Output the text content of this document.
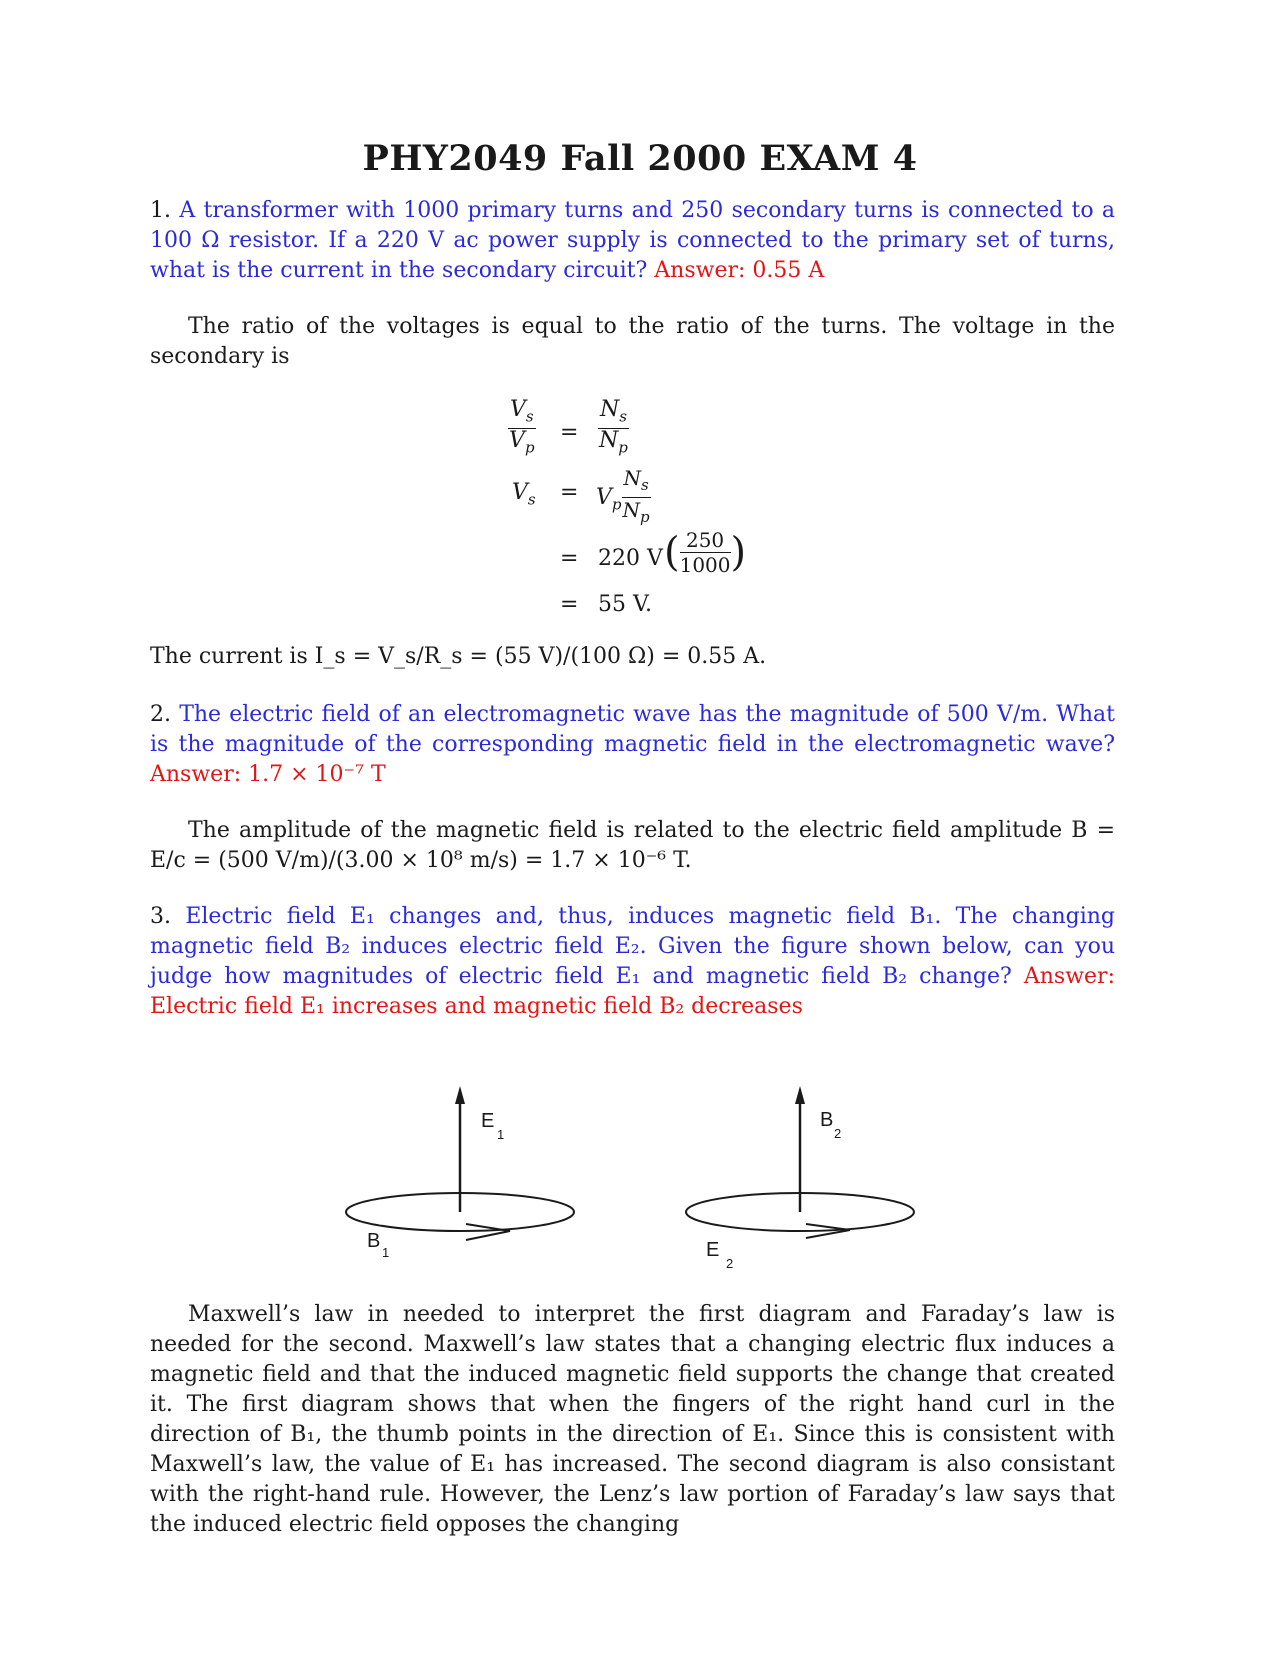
PHY2049 Fall 2000 EXAM 4
1. A transformer with 1000 primary turns and 250 secondary turns is connected to a 100 Ω resistor. If a 220 V ac power supply is connected to the primary set of turns, what is the current in the secondary circuit? Answer: 0.55 A
The ratio of the voltages is equal to the ratio of the turns. The voltage in the secondary is
$\frac{V_s}{V_p} = \frac{N_s}{N_p}$
$V_s = V_p \frac{N_s}{N_p}$
= 220 V ( $\frac{250}{1000}$ )
= 55 V.
The current is I_s = V_s/R_s = (55 V)/(100 Ω) = 0.55 A.
2. The electric field of an electromagnetic wave has the magnitude of 500 V/m. What is the magnitude of the corresponding magnetic field in the electromagnetic wave? Answer: 1.7 × 10⁻⁷ T
The amplitude of the magnetic field is related to the electric field amplitude B = E/c = (500 V/m)/(3.00 × 10⁸ m/s) = 1.7 × 10⁻⁶ T.
3. Electric field E₁ changes and, thus, induces magnetic field B₁. The changing magnetic field B₂ induces electric field E₂. Given the figure shown below, can you judge how magnitudes of electric field E₁ and magnetic field B₂ change? Answer: Electric field E₁ increases and magnetic field B₂ decreases
E
1
B
1
B
2
E
2
Maxwell’s law in needed to interpret the first diagram and Faraday’s law is needed for the second. Maxwell’s law states that a changing electric flux induces a magnetic field and that the induced magnetic field supports the change that created it. The first diagram shows that when the fingers of the right hand curl in the direction of B₁, the thumb points in the direction of E₁. Since this is consistent with Maxwell’s law, the value of E₁ has increased. The second diagram is also consistant with the right-hand rule. However, the Lenz’s law portion of Faraday’s law says that the induced electric field opposes the changing
